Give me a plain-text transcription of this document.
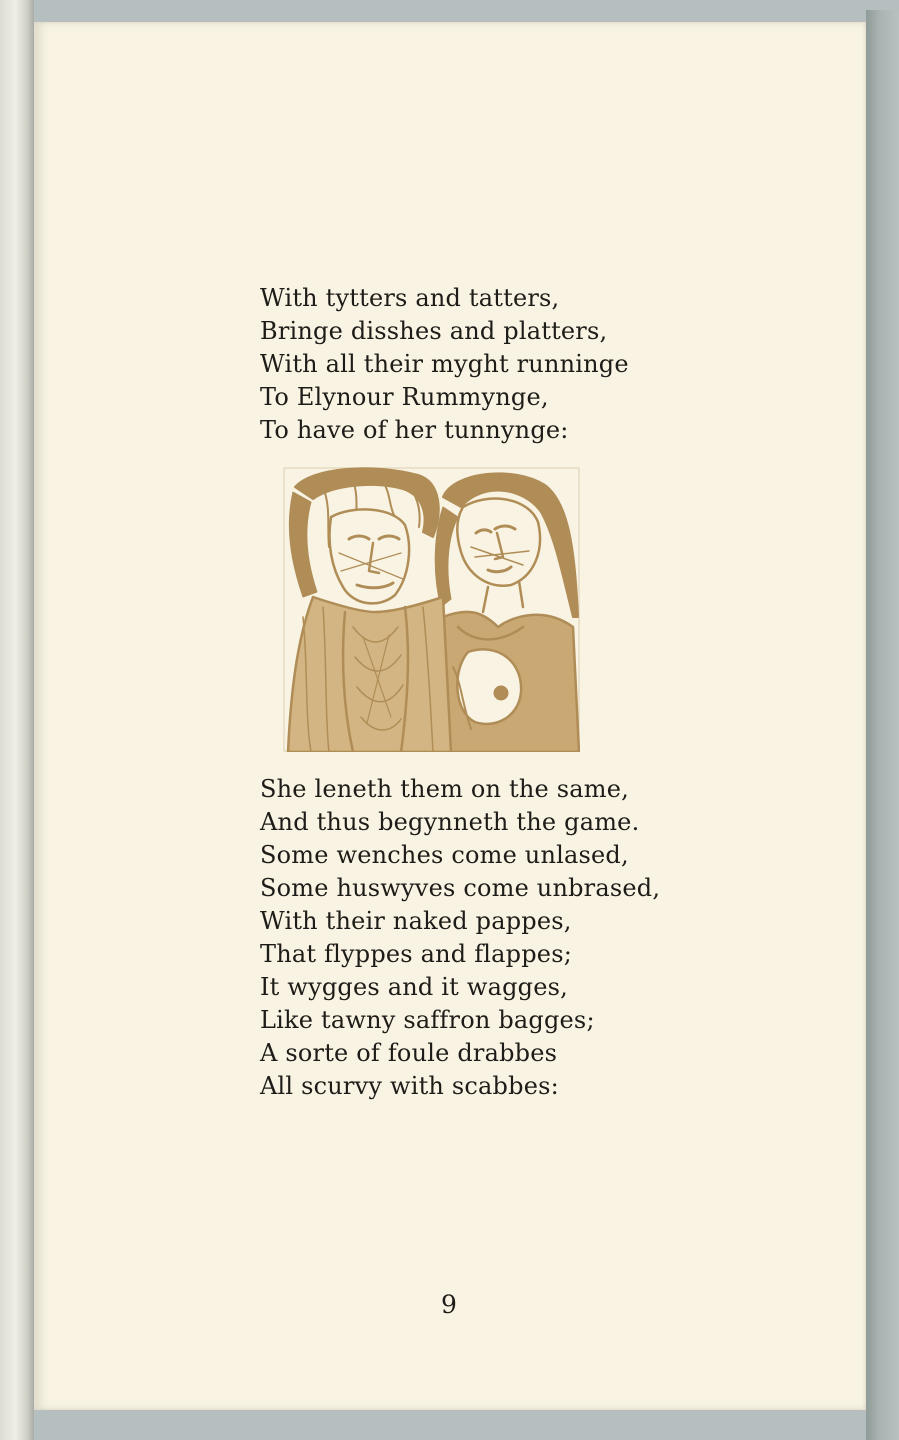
With tytters and tatters,
Bringe disshes and platters,
With all their myght runninge
To Elynour Rummynge,
To have of her tunnynge:
She leneth them on the same,
And thus begynneth the game.
Some wenches come unlased,
Some huswyves come unbrased,
With their naked pappes,
That flyppes and flappes;
It wygges and it wagges,
Like tawny saffron bagges;
A sorte of foule drabbes
All scurvy with scabbes:
9
